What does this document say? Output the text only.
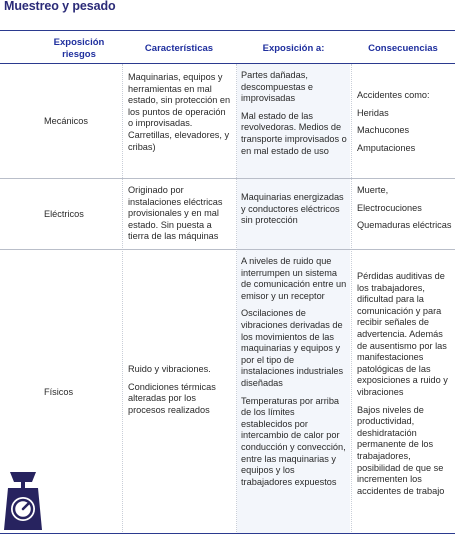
Muestreo y pesado
Exposición
riesgos
Características	Exposición a:	Consecuencias
Mecánicos

Maquinarias, equipos y herramientas en mal estado, sin protección en los puntos de operación o improvisadas. Carretillas, elevadores, y cribas)

Partes dañadas, descompuestas e improvisadas

Mal estado de las revolvedoras. Medios de transporte improvisados o en mal estado de uso

Accidentes como:

Heridas

Machucones

Amputaciones

Eléctricos

Originado por instalaciones eléctricas provisionales y en mal estado. Sin puesta a tierra de las máquinas

Maquinarias energizadas y conductores eléctricos sin protección

Muerte,

Electrocuciones

Quemaduras eléctricas

Físicos

Ruido y vibraciones.

Condiciones térmicas alteradas por los procesos realizados

A niveles de ruido que interrumpen un sistema de comunicación entre un emisor y un receptor

Oscilaciones de vibraciones derivadas de los movimientos de las maquinarias y equipos y por el tipo de instalaciones industriales diseñadas

Temperaturas por arriba de los límites establecidos por intercambio de calor por conducción y convección, entre las maquinarias y equipos y los trabajadores expuestos

Pérdidas auditivas de los trabajadores, dificultad para la comunicación y para recibir señales de advertencia. Además de ausentismo por las manifestaciones patológicas de las exposiciones a ruido y vibraciones

Bajos niveles de productividad, deshidratación permanente de los trabajadores, posibilidad de que se incrementen los accidentes de trabajo
